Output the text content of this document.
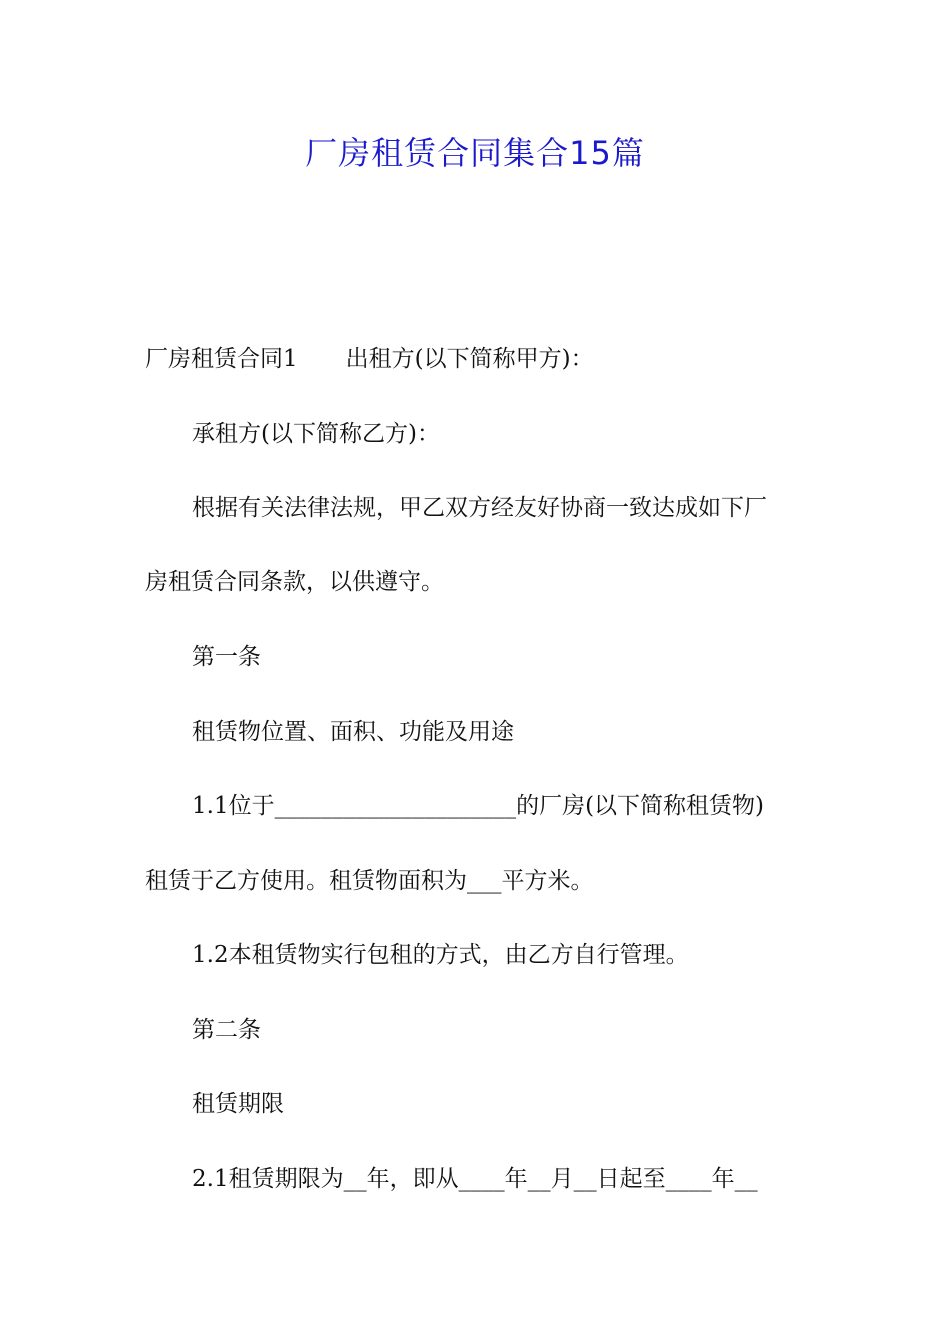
厂房租赁合同集合15篇

厂房租赁合同1 出租方(以下简称甲方)：

承租方(以下简称乙方)：

根据有关法律法规，甲乙双方经友好协商一致达成如下厂

房租赁合同条款，以供遵守。

第一条

租赁物位置、面积、功能及用途

1.1位于_____________________的厂房(以下简称租赁物)

租赁于乙方使用。租赁物面积为___平方米。

1.2本租赁物实行包租的方式，由乙方自行管理。

第二条

租赁期限

2.1租赁期限为__年，即从____年__月__日起至____年__
